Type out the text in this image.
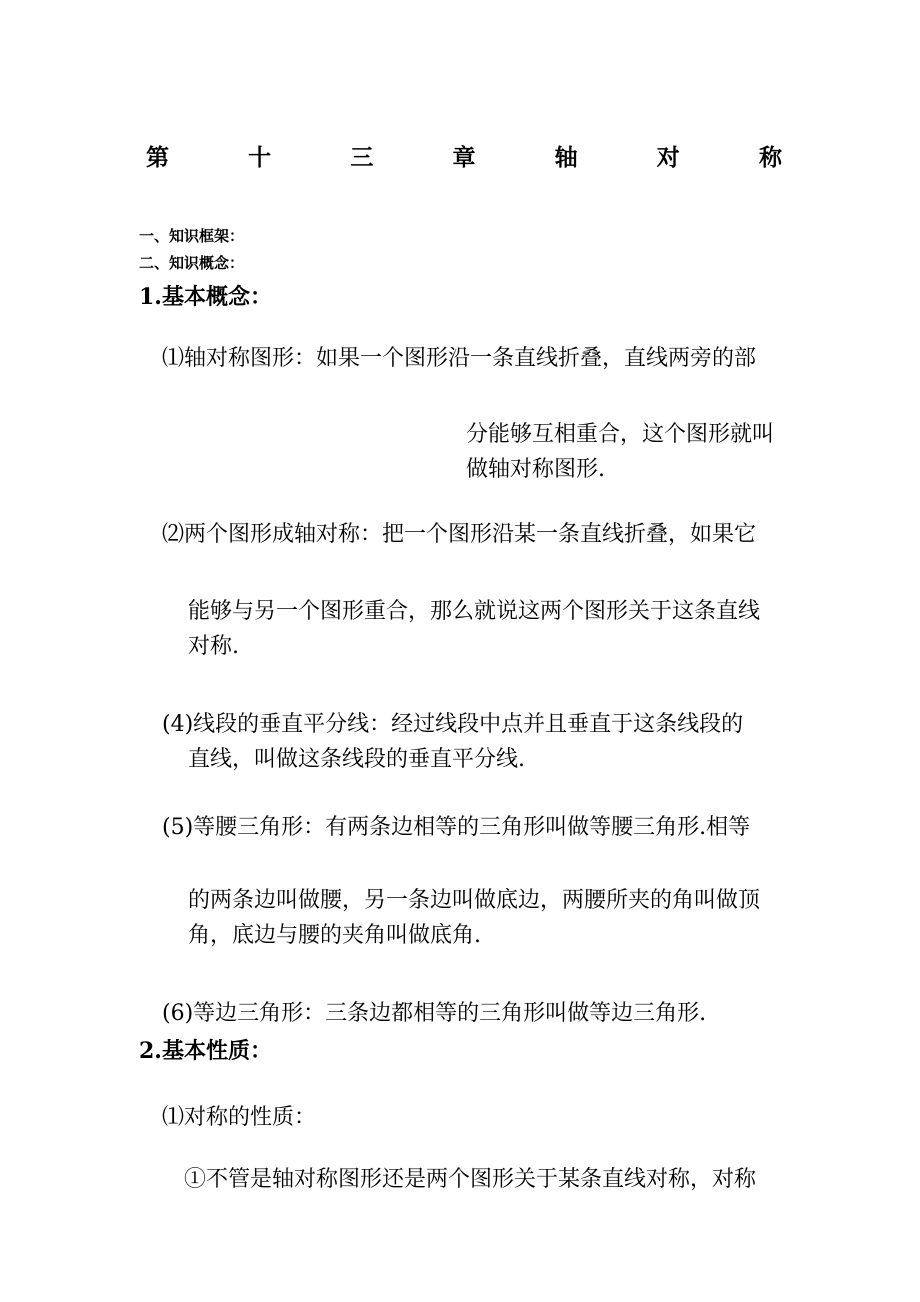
第	十	三	章	轴	对	称
一、知识框架：
二、知识概念：
1.基本概念：
⑴轴对称图形：如果一个图形沿一条直线折叠，直线两旁的部
分能够互相重合，这个图形就叫
做轴对称图形.
⑵两个图形成轴对称：把一个图形沿某一条直线折叠，如果它
能够与另一个图形重合，那么就说这两个图形关于这条直线
对称.
(4)线段的垂直平分线：经过线段中点并且垂直于这条线段的
直线，叫做这条线段的垂直平分线.
(5)等腰三角形：有两条边相等的三角形叫做等腰三角形.相等
的两条边叫做腰，另一条边叫做底边，两腰所夹的角叫做顶
角，底边与腰的夹角叫做底角.
(6)等边三角形：三条边都相等的三角形叫做等边三角形.
2.基本性质：
⑴对称的性质：
①不管是轴对称图形还是两个图形关于某条直线对称，对称
